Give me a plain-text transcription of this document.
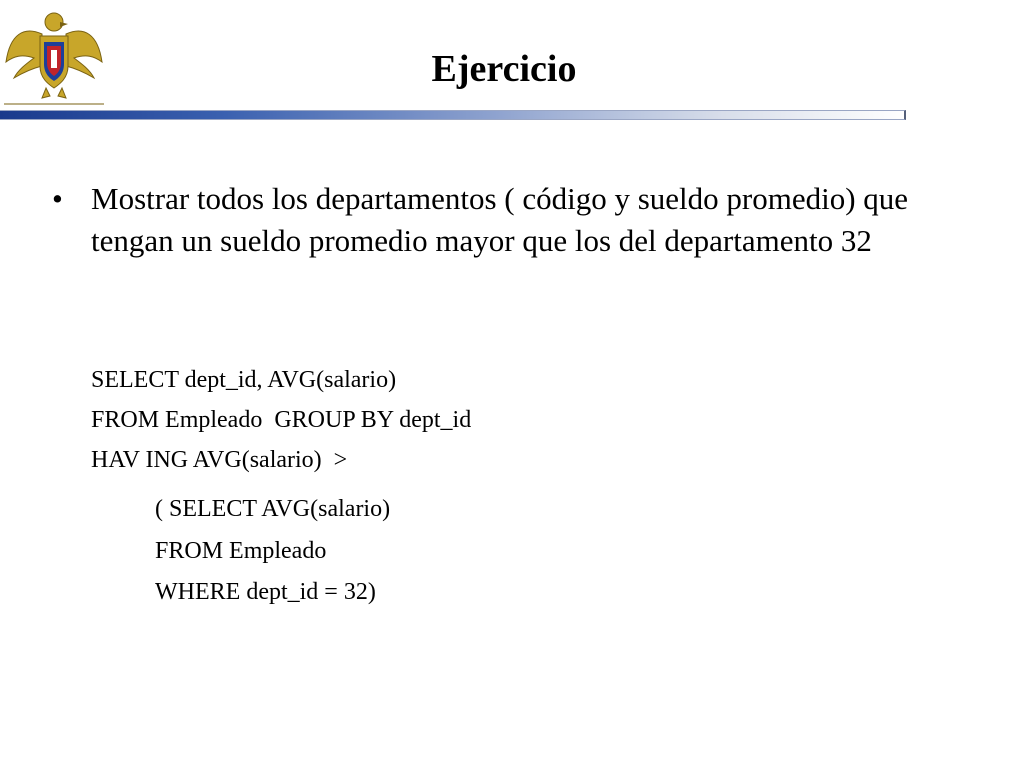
Ejercicio
• Mostrar todos los departamentos ( código y sueldo promedio) que tengan un sueldo promedio mayor que los del departamento 32
SELECT dept_id, AVG(salario)
FROM Empleado  GROUP BY dept_id
HAV ING AVG(salario)  >
( SELECT AVG(salario)
FROM Empleado
WHERE dept_id = 32)
